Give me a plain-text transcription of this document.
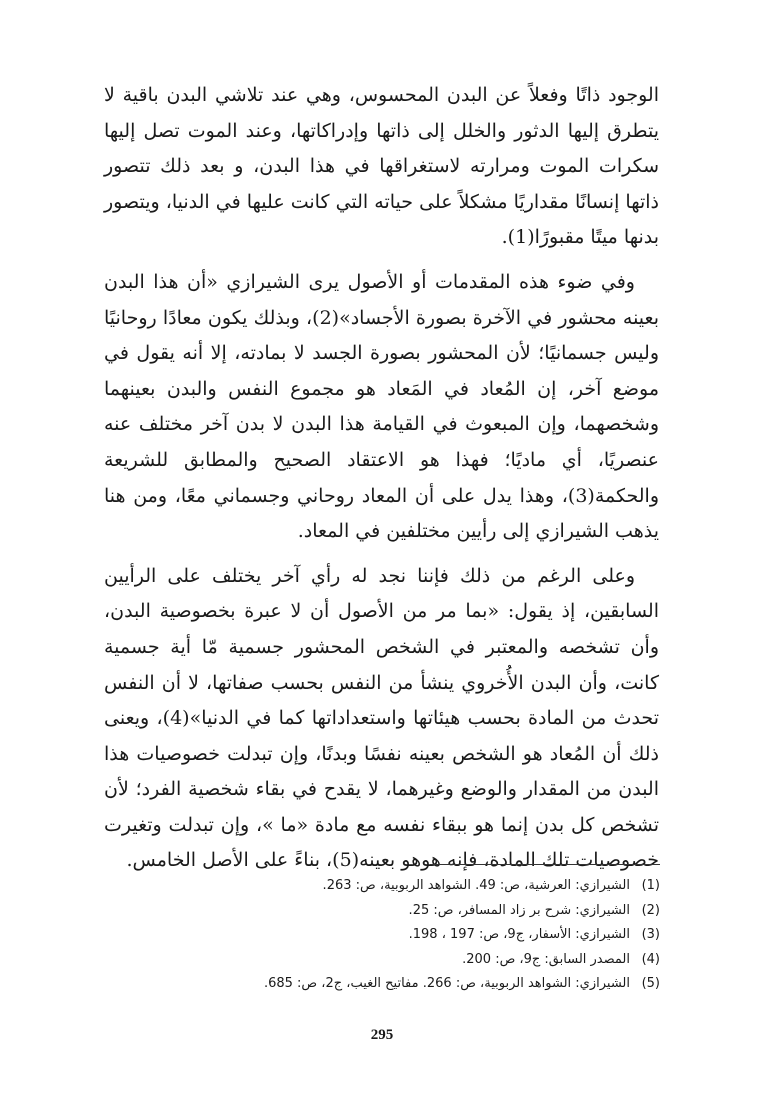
الوجود ذاتًا وفعلاً عن البدن المحسوس، وهي عند تلاشي البدن باقية لا يتطرق إليها الدثور والخلل إلى ذاتها وإدراكاتها، وعند الموت تصل إليها سكرات الموت ومرارته لاستغراقها في هذا البدن، و بعد ذلك تتصور ذاتها إنسانًا مقداريًا مشكلاً على حياته التي كانت عليها في الدنيا، ويتصور بدنها ميتًا مقبورًا(1).

وفي ضوء هذه المقدمات أو الأصول يرى الشيرازي «أن هذا البدن بعينه محشور في الآخرة بصورة الأجساد»(2)، وبذلك يكون معادًا روحانيًا وليس جسمانيًا؛ لأن المحشور بصورة الجسد لا بمادته، إلا أنه يقول في موضع آخر، إن المُعاد في المَعاد هو مجموع النفس والبدن بعينهما وشخصهما، وإن المبعوث في القيامة هذا البدن لا بدن آخر مختلف عنه عنصريًا، أي ماديًا؛ فهذا هو الاعتقاد الصحيح والمطابق للشريعة والحكمة(3)، وهذا يدل على أن المعاد روحاني وجسماني معًا، ومن هنا يذهب الشيرازي إلى رأيين مختلفين في المعاد.

وعلى الرغم من ذلك فإننا نجد له رأي آخر يختلف على الرأيين السابقين، إذ يقول: «بما مر من الأصول أن لا عبرة بخصوصية البدن، وأن تشخصه والمعتبر في الشخص المحشور جسمية مّا أية جسمية كانت، وأن البدن الأُخروي ينشأ من النفس بحسب صفاتها، لا أن النفس تحدث من المادة بحسب هيئاتها واستعداداتها كما في الدنيا»(4)، ويعنى ذلك أن المُعاد هو الشخص بعينه نفسًا وبدنًا، وإن تبدلت خصوصيات هذا البدن من المقدار والوضع وغيرهما، لا يقدح في بقاء شخصية الفرد؛ لأن تشخص كل بدن إنما هو ببقاء نفسه مع مادة «ما »، وإن تبدلت وتغيرت خصوصيات تلك المادة، فإنه هوهو بعينه(5)، بناءً على الأصل الخامس.

(1)الشيرازي: العرشية، ص: 49. الشواهد الربوبية، ص: 263.
(2)الشيرازي: شرح بر زاد المسافر، ص: 25.
(3)الشيرازي: الأسفار، ج9، ص: 197 ، 198.
(4)المصدر السابق: ج9، ص: 200.
(5)الشيرازي: الشواهد الربوبية، ص: 266. مفاتيح الغيب، ج2، ص: 685.
295
